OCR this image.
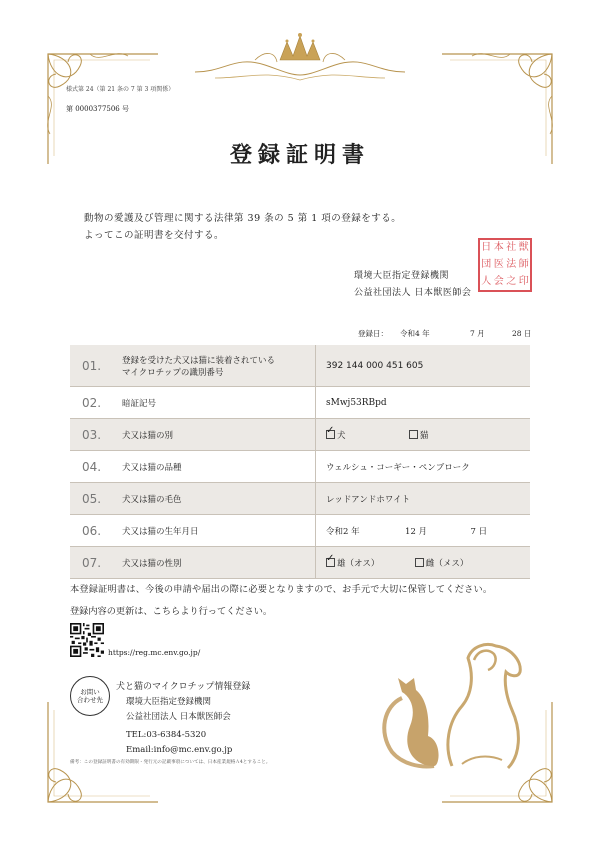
様式第 24（第 21 条の 7 第 3 項関係）
第 0000377506 号
登録証明書
動物の愛護及び管理に関する法律第 39 条の 5 第 1 項の登録をする。
よってこの証明書を交付する。
環境大臣指定登録機関
公益社団法人 日本獣医師会
日 本 社 獣
団 医 法 師
人 会 之 印
登録日： 令和4 年	7 月	28 日
01.	登録を受けた犬又は猫に装着されている
マイクロチップの識別番号		392 144 000 451 605
02.	暗証記号		sMwj53RBpd
03.	犬又は猫の別		✓犬 猫
04.	犬又は猫の品種		ウェルシュ・コーギー・ペンブローク
05.	犬又は猫の毛色		レッドアンドホワイト
06.	犬又は猫の生年月日		令和2 年 12 月 7 日
07.	犬又は猫の性別		✓雄（オス） 雌（メス）
本登録証明書は、今後の申請や届出の際に必要となりますので、お手元で大切に保管してください。
登録内容の更新は、こちらより行ってください。
https://reg.mc.env.go.jp/
お問い
合わせ先
犬と猫のマイクロチップ情報登録
環境大臣指定登録機関
公益社団法人 日本獣医師会
TEL:03-6384-5320
Email:info@mc.env.go.jp
備考：この登録証明書の有効期限・発行元の記載事項については、日本産業規格Ａ4とすること。
